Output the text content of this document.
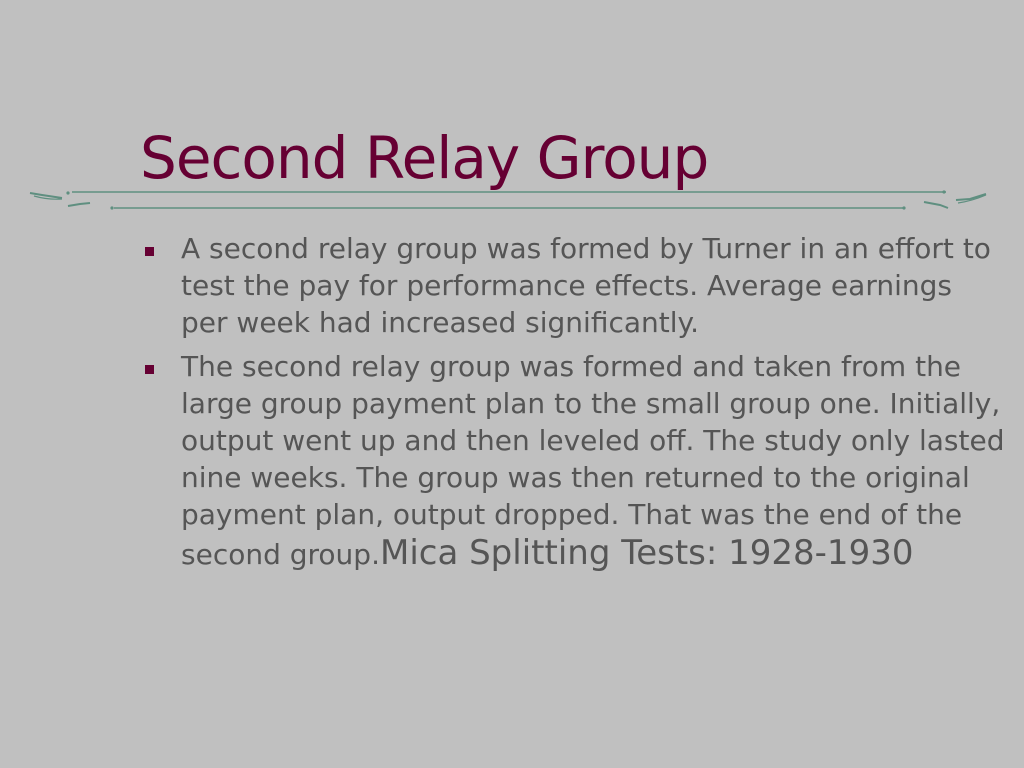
Second Relay Group
A second relay group was formed by Turner in an effort to test the pay for performance effects. Average earnings per week had increased significantly.
The second relay group was formed and taken from the large group payment plan to the small group one. Initially, output went up and then leveled off. The study only lasted nine weeks. The group was then returned to the original payment plan, output dropped. That was the end of the second group.Mica Splitting Tests: 1928-1930
